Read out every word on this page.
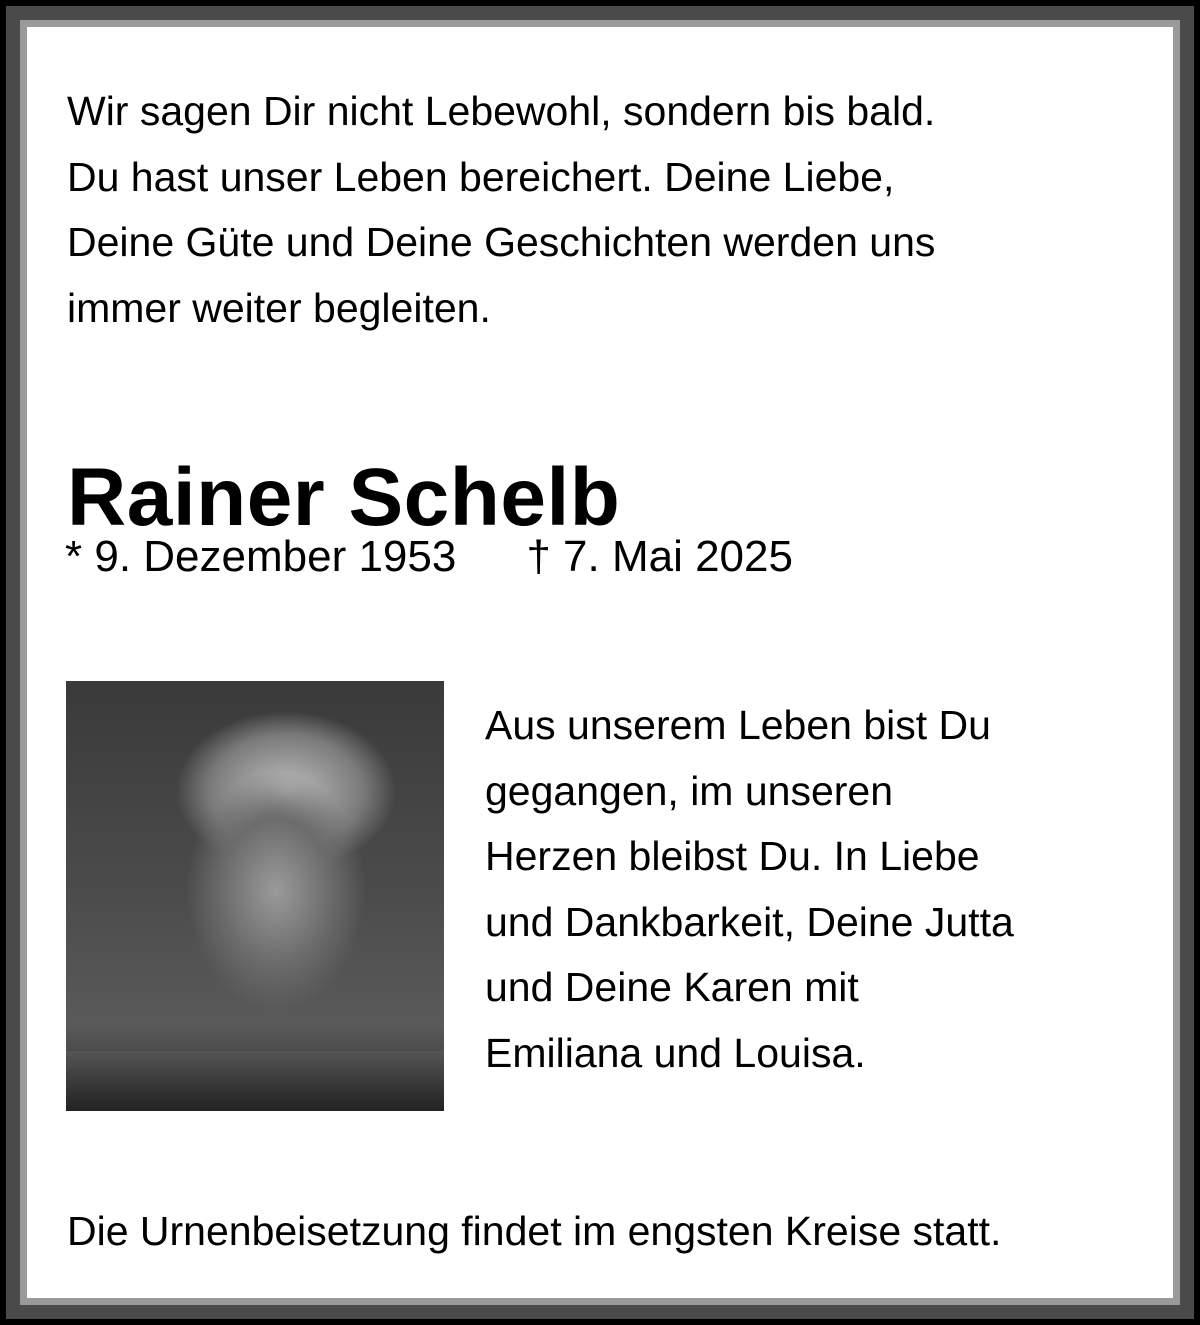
Wir sagen Dir nicht Lebewohl, sondern bis bald.
Du hast unser Leben bereichert. Deine Liebe,
Deine Güte und Deine Geschichten werden uns
immer weiter begleiten.

Rainer Schelb
* 9. Dezember 1953 † 7. Mai 2025

Aus unserem Leben bist Du
gegangen, im unseren
Herzen bleibst Du. In Liebe
und Dankbarkeit, Deine Jutta
und Deine Karen mit
Emiliana und Louisa.

Die Urnenbeisetzung findet im engsten Kreise statt.
